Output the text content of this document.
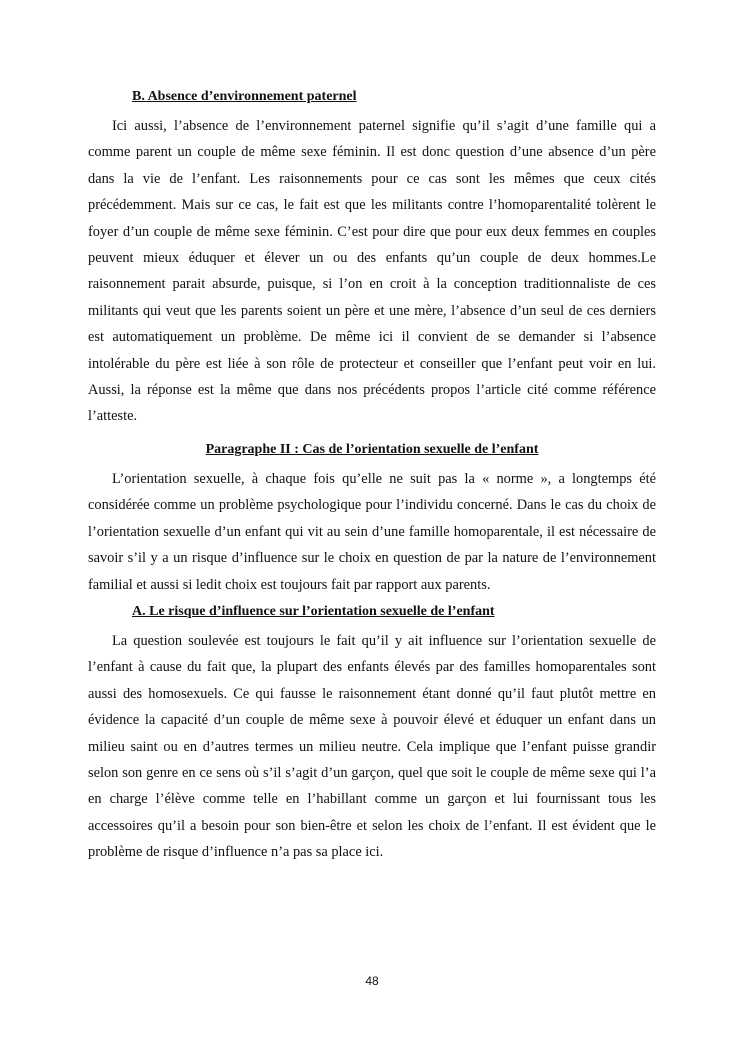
B. Absence d’environnement paternel

Ici aussi, l’absence de l’environnement paternel signifie qu’il s’agit d’une famille qui a comme parent un couple de même sexe féminin. Il est donc question d’une absence d’un père dans la vie de l’enfant. Les raisonnements pour ce cas sont les mêmes que ceux cités précédemment. Mais sur ce cas, le fait est que les militants contre l’homoparentalité tolèrent le foyer d’un couple de même sexe féminin. C’est pour dire que pour eux deux femmes en couples peuvent mieux éduquer et élever un ou des enfants qu’un couple de deux hommes.Le raisonnement parait absurde, puisque, si l’on en croit à la conception traditionnaliste de ces militants qui veut que les parents soient un père et une mère, l’absence d’un seul de ces derniers est automatiquement un problème. De même ici il convient de se demander si l’absence intolérable du père est liée à son rôle de protecteur et conseiller que l’enfant peut voir en lui. Aussi, la réponse est la même que dans nos précédents propos l’article cité comme référence l’atteste.

Paragraphe II : Cas de l’orientation sexuelle de l’enfant

L’orientation sexuelle, à chaque fois qu’elle ne suit pas la « norme », a longtemps été considérée comme un problème psychologique pour l’individu concerné. Dans le cas du choix de l’orientation sexuelle d’un enfant qui vit au sein d’une famille homoparentale, il est nécessaire de savoir s’il y a un risque d’influence sur le choix en question de par la nature de l’environnement familial et aussi si ledit choix est toujours fait par rapport aux parents.

A. Le risque d’influence sur l’orientation sexuelle de l’enfant

La question soulevée est toujours le fait qu’il y ait influence sur l’orientation sexuelle de l’enfant à cause du fait que, la plupart des enfants élevés par des familles homoparentales sont aussi des homosexuels. Ce qui fausse le raisonnement étant donné qu’il faut plutôt mettre en évidence la capacité d’un couple de même sexe à pouvoir élevé et éduquer un enfant dans un milieu saint ou en d’autres termes un milieu neutre. Cela implique que l’enfant puisse grandir selon son genre en ce sens où s’il s’agit d’un garçon, quel que soit le couple de même sexe qui l’a en charge l’élève comme telle en l’habillant comme un garçon et lui fournissant tous les accessoires qu’il a besoin pour son bien-être et selon les choix de l’enfant. Il est évident que le problème de risque d’influence n’a pas sa place ici.

48
